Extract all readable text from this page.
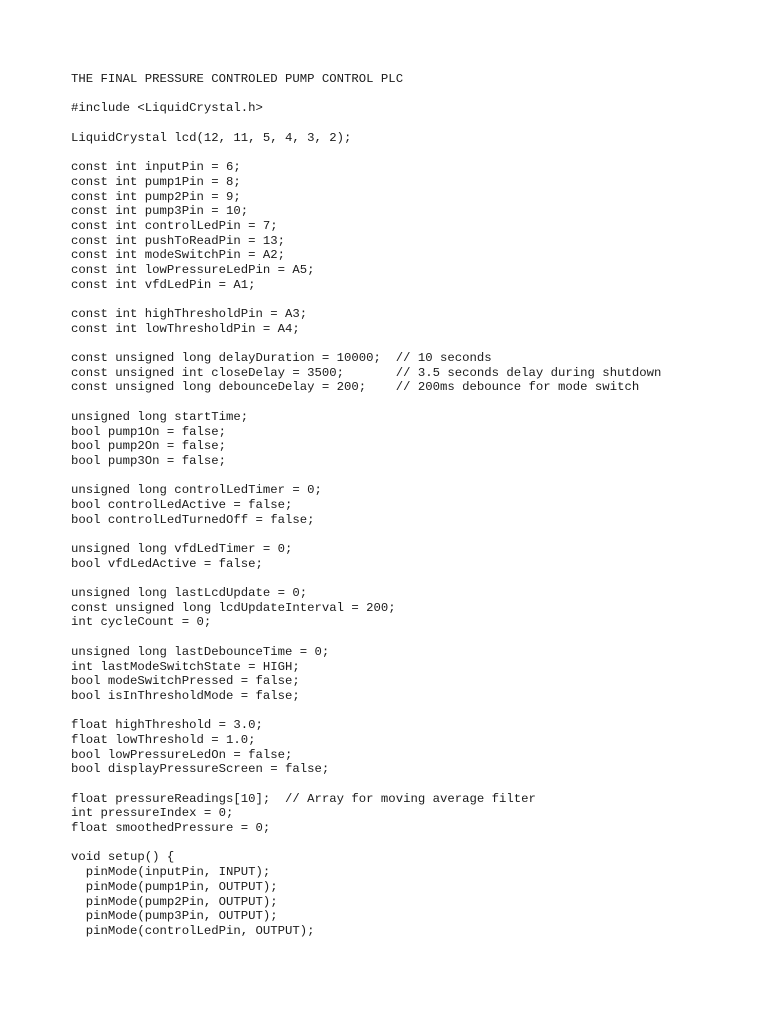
THE FINAL PRESSURE CONTROLED PUMP CONTROL PLC
#include <LiquidCrystal.h>
LiquidCrystal lcd(12, 11, 5, 4, 3, 2);
const int inputPin = 6;
const int pump1Pin = 8;
const int pump2Pin = 9;
const int pump3Pin = 10;
const int controlLedPin = 7;
const int pushToReadPin = 13;
const int modeSwitchPin = A2;
const int lowPressureLedPin = A5;
const int vfdLedPin = A1;
const int highThresholdPin = A3;
const int lowThresholdPin = A4;
const unsigned long delayDuration = 10000;  // 10 seconds
const unsigned int closeDelay = 3500;       // 3.5 seconds delay during shutdown
const unsigned long debounceDelay = 200;    // 200ms debounce for mode switch
unsigned long startTime;
bool pump1On = false;
bool pump2On = false;
bool pump3On = false;
unsigned long controlLedTimer = 0;
bool controlLedActive = false;
bool controlLedTurnedOff = false;
unsigned long vfdLedTimer = 0;
bool vfdLedActive = false;
unsigned long lastLcdUpdate = 0;
const unsigned long lcdUpdateInterval = 200;
int cycleCount = 0;
unsigned long lastDebounceTime = 0;
int lastModeSwitchState = HIGH;
bool modeSwitchPressed = false;
bool isInThresholdMode = false;
float highThreshold = 3.0;
float lowThreshold = 1.0;
bool lowPressureLedOn = false;
bool displayPressureScreen = false;
float pressureReadings[10];  // Array for moving average filter
int pressureIndex = 0;
float smoothedPressure = 0;
void setup() {
pinMode(inputPin, INPUT);
pinMode(pump1Pin, OUTPUT);
pinMode(pump2Pin, OUTPUT);
pinMode(pump3Pin, OUTPUT);
pinMode(controlLedPin, OUTPUT);
